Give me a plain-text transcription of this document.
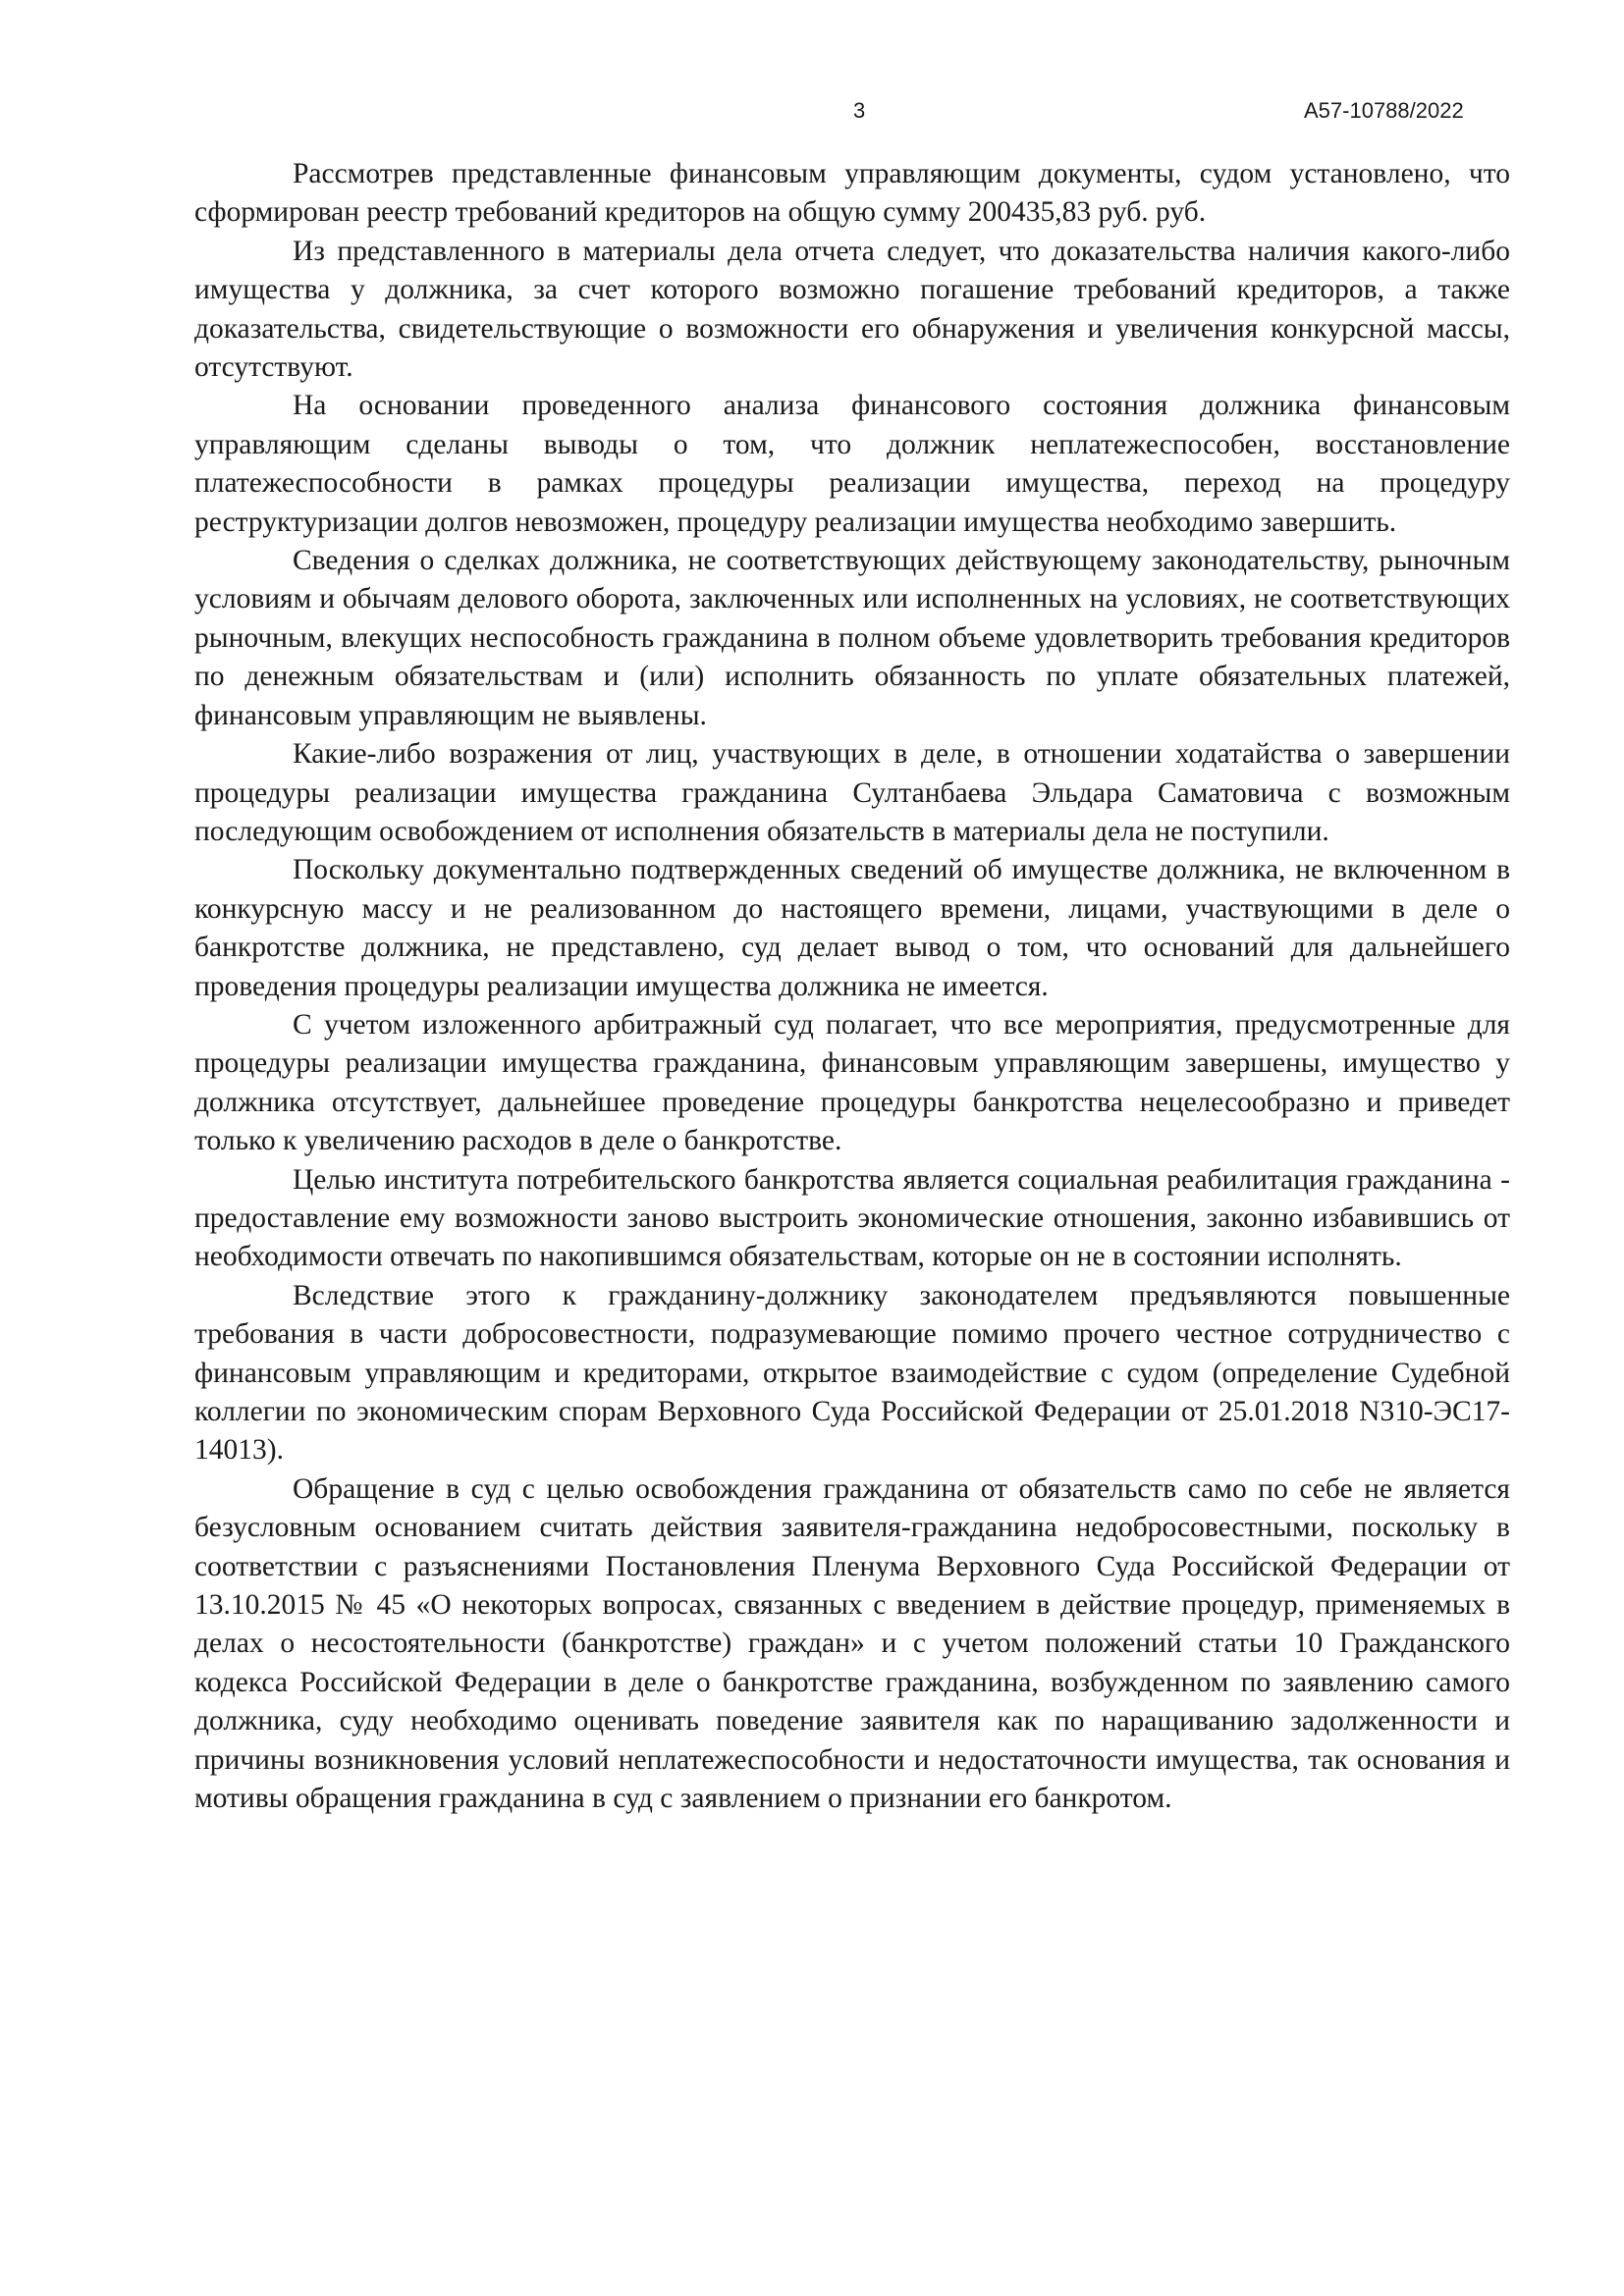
3	А57-10788/2022

Рассмотрев представленные финансовым управляющим документы, судом установлено, что сформирован реестр требований кредиторов на общую сумму 200435,83 руб. руб.

Из представленного в материалы дела отчета следует, что доказательства наличия какого-либо имущества у должника, за счет которого возможно погашение требований кредиторов, а также доказательства, свидетельствующие о возможности его обнаружения и увеличения конкурсной массы, отсутствуют.

На основании проведенного анализа финансового состояния должника финансовым управляющим сделаны выводы о том, что должник неплатежеспособен, восстановление платежеспособности в рамках процедуры реализации имущества, переход на процедуру реструктуризации долгов невозможен, процедуру реализации имущества необходимо завершить.

Сведения о сделках должника, не соответствующих действующему законодательству, рыночным условиям и обычаям делового оборота, заключенных или исполненных на условиях, не соответствующих рыночным, влекущих неспособность гражданина в полном объеме удовлетворить требования кредиторов по денежным обязательствам и (или) исполнить обязанность по уплате обязательных платежей, финансовым управляющим не выявлены.

Какие-либо возражения от лиц, участвующих в деле, в отношении ходатайства о завершении процедуры реализации имущества гражданина Султанбаева Эльдара Саматовича с возможным последующим освобождением от исполнения обязательств в материалы дела не поступили.

Поскольку документально подтвержденных сведений об имуществе должника, не включенном в конкурсную массу и не реализованном до настоящего времени, лицами, участвующими в деле о банкротстве должника, не представлено, суд делает вывод о том, что оснований для дальнейшего проведения процедуры реализации имущества должника не имеется.

С учетом изложенного арбитражный суд полагает, что все мероприятия, предусмотренные для процедуры реализации имущества гражданина, финансовым управляющим завершены, имущество у должника отсутствует, дальнейшее проведение процедуры банкротства нецелесообразно и приведет только к увеличению расходов в деле о банкротстве.

Целью института потребительского банкротства является социальная реабилитация гражданина - предоставление ему возможности заново выстроить экономические отношения, законно избавившись от необходимости отвечать по накопившимся обязательствам, которые он не в состоянии исполнять.

Вследствие этого к гражданину-должнику законодателем предъявляются повышенные требования в части добросовестности, подразумевающие помимо прочего честное сотрудничество с финансовым управляющим и кредиторами, открытое взаимодействие с судом (определение Судебной коллегии по экономическим спорам Верховного Суда Российской Федерации от 25.01.2018 N310-ЭС17-14013).

Обращение в суд с целью освобождения гражданина от обязательств само по себе не является безусловным основанием считать действия заявителя-гражданина недобросовестными, поскольку в соответствии с разъяснениями Постановления Пленума Верховного Суда Российской Федерации от 13.10.2015 № 45 «О некоторых вопросах, связанных с введением в действие процедур, применяемых в делах о несостоятельности (банкротстве) граждан» и с учетом положений статьи 10 Гражданского кодекса Российской Федерации в деле о банкротстве гражданина, возбужденном по заявлению самого должника, суду необходимо оценивать поведение заявителя как по наращиванию задолженности и причины возникновения условий неплатежеспособности и недостаточности имущества, так основания и мотивы обращения гражданина в суд с заявлением о признании его банкротом.
